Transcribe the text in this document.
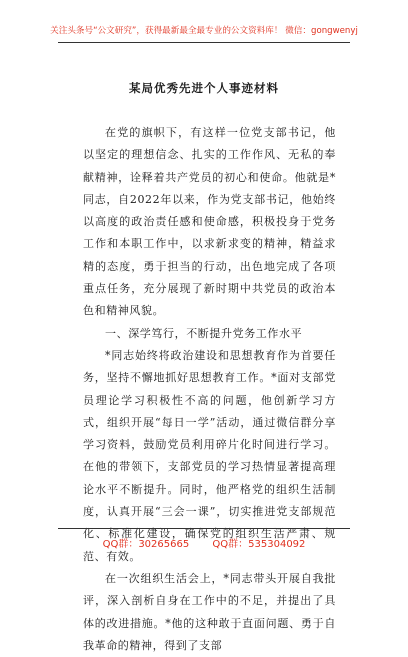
关注头条号“公文研究”，获得最新最全最专业的公文资料库！ 微信：gongwenyj
某局优秀先进个人事迹材料

在党的旗帜下，有这样一位党支部书记，他以坚定的理想信念、扎实的工作作风、无私的奉献精神，诠释着共产党员的初心和使命。他就是*同志，自2022年以来，作为党支部书记，他始终以高度的政治责任感和使命感，积极投身于党务工作和本职工作中，以求新求变的精神，精益求精的态度，勇于担当的行动，出色地完成了各项重点任务，充分展现了新时期中共党员的政治本色和精神风貌。

一、深学笃行，不断提升党务工作水平

*同志始终将政治建设和思想教育作为首要任务，坚持不懈地抓好思想教育工作。*面对支部党员理论学习积极性不高的问题，他创新学习方式，组织开展“每日一学”活动，通过微信群分享学习资料，鼓励党员利用碎片化时间进行学习。在他的带领下，支部党员的学习热情显著提高理论水平不断提升。同时，他严格党的组织生活制度，认真开展“三会一课”，切实推进党支部规范化、标准化建设，确保党的组织生活严肃、规范、有效。

在一次组织生活会上，*同志带头开展自我批评，深入剖析自身在工作中的不足，并提出了具体的改进措施。*他的这种敢于直面问题、勇于自我革命的精神，得到了支部

QQ群：30265665 QQ群：535304092
